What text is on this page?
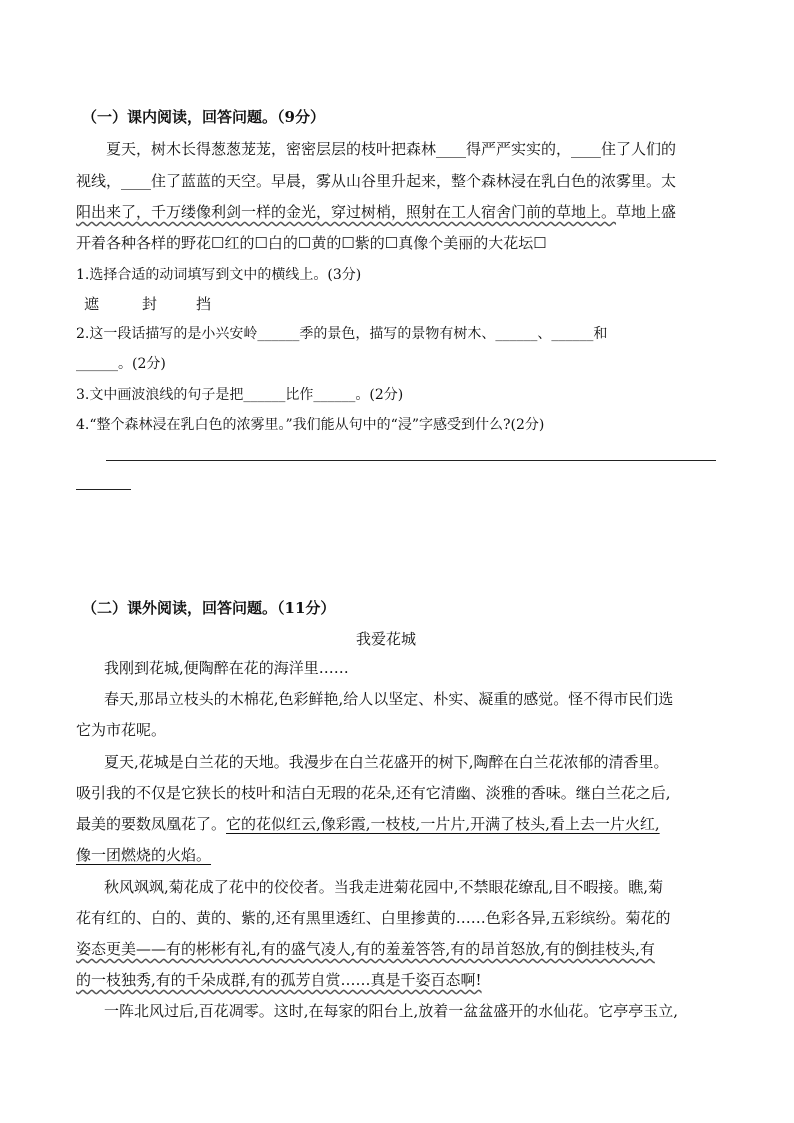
（一）课内阅读，回答问题。（9分）
夏天，树木长得葱葱茏茏，密密层层的枝叶把森林____得严严实实的，____住了人们的
视线，____住了蓝蓝的天空。早晨，雾从山谷里升起来，整个森林浸在乳白色的浓雾里。太
阳出来了，千万缕像利剑一样的金光，穿过树梢，照射在工人宿舍门前的草地上。草地上盛
开着各种各样的野花☐红的☐白的☐黄的☐紫的☐真像个美丽的大花坛☐
1.选择合适的动词填写到文中的横线上。(3分)
遮	封	挡
2.这一段话描写的是小兴安岭______季的景色，描写的景物有树木、______、______和
______。(2分)
3.文中画波浪线的句子是把______比作______。(2分)
4.“整个森林浸在乳白色的浓雾里。”我们能从句中的“浸”字感受到什么?(2分)
（二）课外阅读，回答问题。（11分）
我爱花城
我刚到花城,便陶醉在花的海洋里……
春天,那昂立枝头的木棉花,色彩鲜艳,给人以坚定、朴实、凝重的感觉。怪不得市民们选
它为市花呢。
夏天,花城是白兰花的天地。我漫步在白兰花盛开的树下,陶醉在白兰花浓郁的清香里。
吸引我的不仅是它狭长的枝叶和洁白无瑕的花朵,还有它清幽、淡雅的香味。继白兰花之后,
最美的要数凤凰花了。它的花似红云,像彩霞,一枝枝,一片片,开满了枝头,看上去一片火红,
像一团燃烧的火焰。
秋风飒飒,菊花成了花中的佼佼者。当我走进菊花园中,不禁眼花缭乱,目不暇接。瞧,菊
花有红的、白的、黄的、紫的,还有黑里透红、白里掺黄的……色彩各异,五彩缤纷。菊花的
姿态更美——有的彬彬有礼,有的盛气凌人,有的羞羞答答,有的昂首怒放,有的倒挂枝头,有
的一枝独秀,有的千朵成群,有的孤芳自赏……真是千姿百态啊!
一阵北风过后,百花凋零。这时,在每家的阳台上,放着一盆盆盛开的水仙花。它亭亭玉立,
